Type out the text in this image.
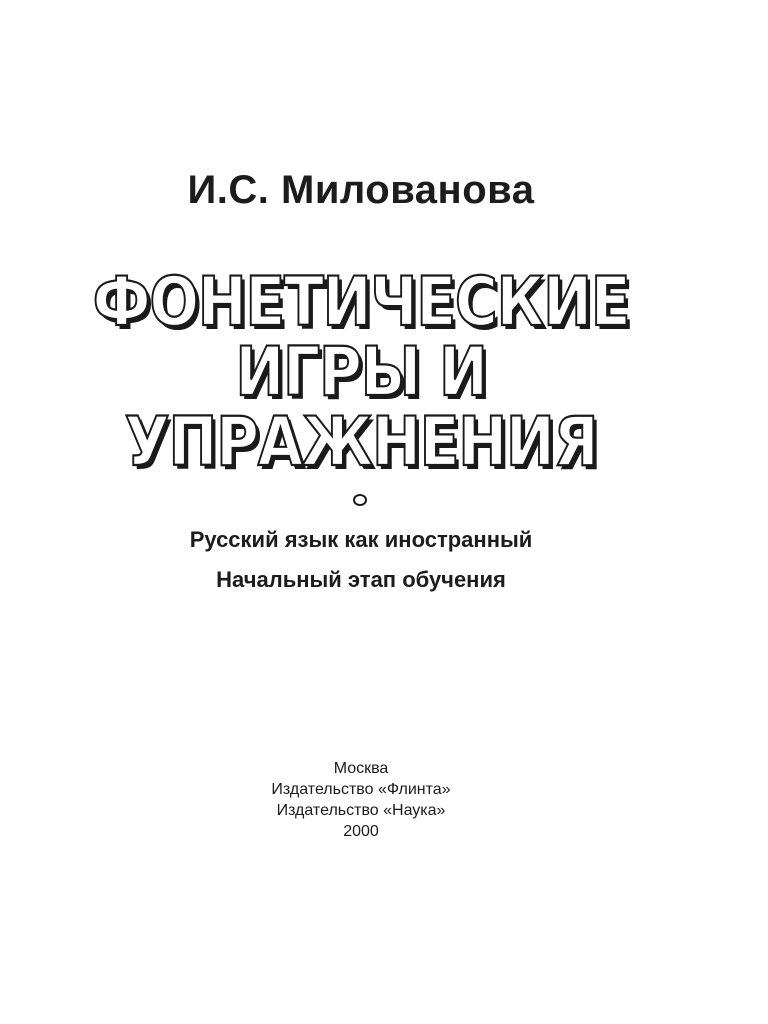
И.С. Милованова
ФОНЕТИЧЕСКИЕ
ИГРЫ И
УПРАЖНЕНИЯ
Русский язык как иностранный
Начальный этап обучения
Москва
Издательство «Флинта»
Издательство «Наука»
2000
